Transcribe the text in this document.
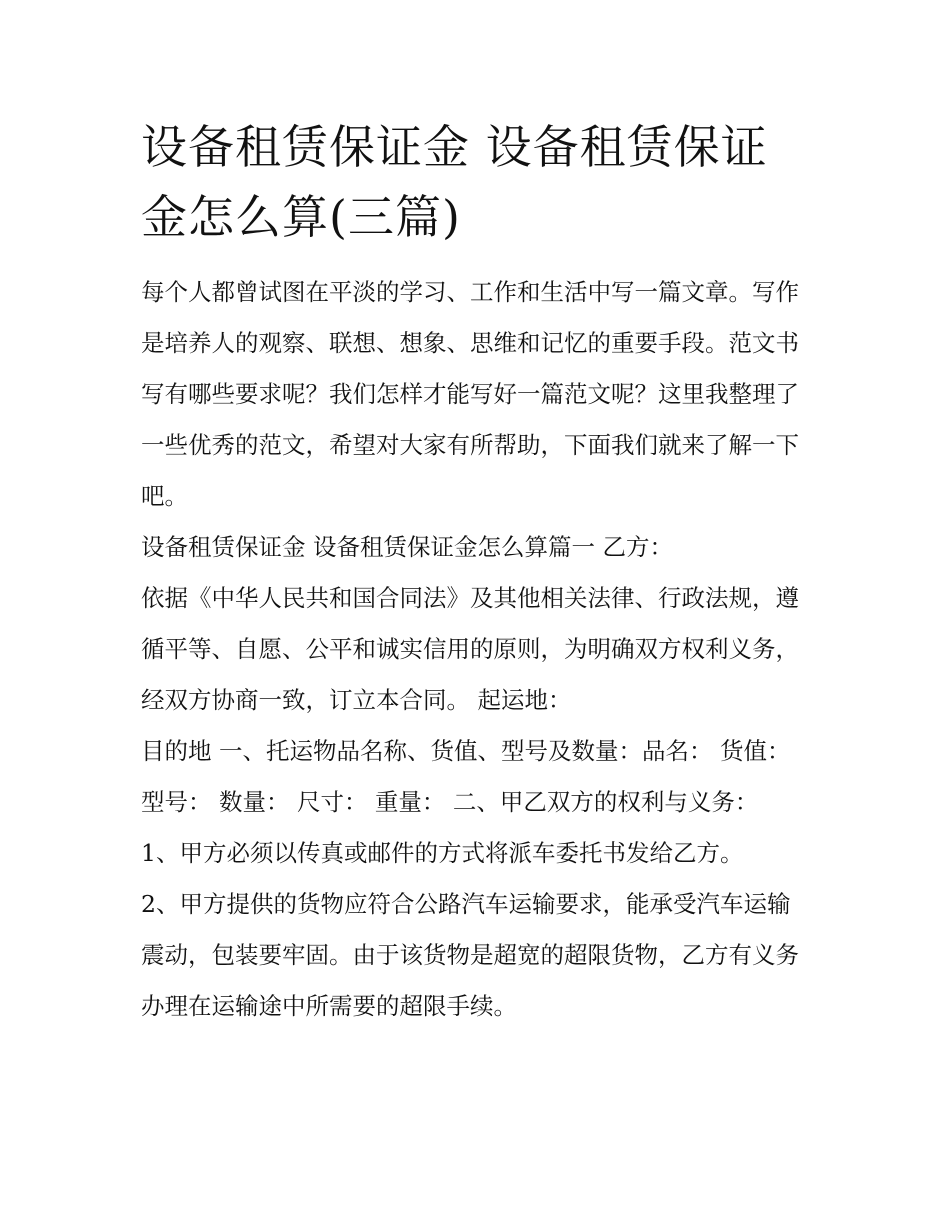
设备租赁保证金 设备租赁保证金怎么算(三篇)

每个人都曾试图在平淡的学习、工作和生活中写一篇文章。写作是培养人的观察、联想、想象、思维和记忆的重要手段。范文书写有哪些要求呢？我们怎样才能写好一篇范文呢？这里我整理了一些优秀的范文，希望对大家有所帮助，下面我们就来了解一下吧。

设备租赁保证金 设备租赁保证金怎么算篇一 乙方：

依据《中华人民共和国合同法》及其他相关法律、行政法规，遵循平等、自愿、公平和诚实信用的原则，为明确双方权利义务，经双方协商一致，订立本合同。 起运地：

目的地 一、托运物品名称、货值、型号及数量：品名： 货值： 型号： 数量： 尺寸： 重量： 二、甲乙双方的权利与义务：

1、甲方必须以传真或邮件的方式将派车委托书发给乙方。

2、甲方提供的货物应符合公路汽车运输要求，能承受汽车运输震动，包装要牢固。由于该货物是超宽的超限货物，乙方有义务办理在运输途中所需要的超限手续。
